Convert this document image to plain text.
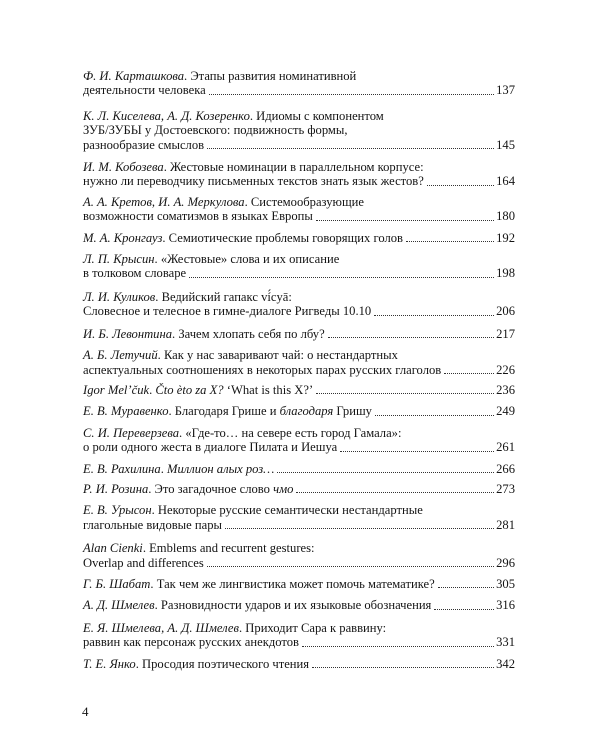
Ф. И. Карташкова. Этапы развития номинативной
деятельности человека	137
К. Л. Киселева, А. Д. Козеренко. Идиомы с компонентом
ЗУБ/ЗУБЫ у Достоевского: подвижность формы,
разнообразие смыслов	145
И. М. Кобозева. Жестовые номинации в параллельном корпусе:
нужно ли переводчику письменных текстов знать язык жестов?	164
А. А. Кретов, И. А. Меркулова. Системообразующие
возможности соматизмов в языках Европы	180
М. А. Кронгауз. Семиотические проблемы говорящих голов	192
Л. П. Крысин. «Жестовые» слова и их описание
в толковом словаре	198
Л. И. Куликов. Ведийский гапакс ví́cyā:
Словесное и телесное в гимне-диалоге Ригведы 10.10	206
И. Б. Левонтина. Зачем хлопать себя по лбу?	217
А. Б. Летучий. Как у нас заваривают чай: о нестандартных
аспектуальных соотношениях в некоторых парах русских глаголов	226
Igor Mel’čuk. Čto èto za X? ‘What is this X?’	236
Е. В. Муравенко. Благодаря Грише и благодаря Гришу	249
С. И. Переверзева. «Где-то… на севере есть город Гамала»:
о роли одного жеста в диалоге Пилата и Иешуа	261
Е. В. Рахилина. Миллион алых роз…	266
Р. И. Розина. Это загадочное слово чмо	273
Е. В. Урысон. Некоторые русские семантически нестандартные
глагольные видовые пары	281
Alan Cienki. Emblems and recurrent gestures:
Overlap and differences	296
Г. Б. Шабат. Так чем же лингвистика может помочь математике?	305
А. Д. Шмелев. Разновидности ударов и их языковые обозначения	316
Е. Я. Шмелева, А. Д. Шмелев. Приходит Сара к раввину:
раввин как персонаж русских анекдотов	331
Т. Е. Янко. Просодия поэтического чтения	342
4
